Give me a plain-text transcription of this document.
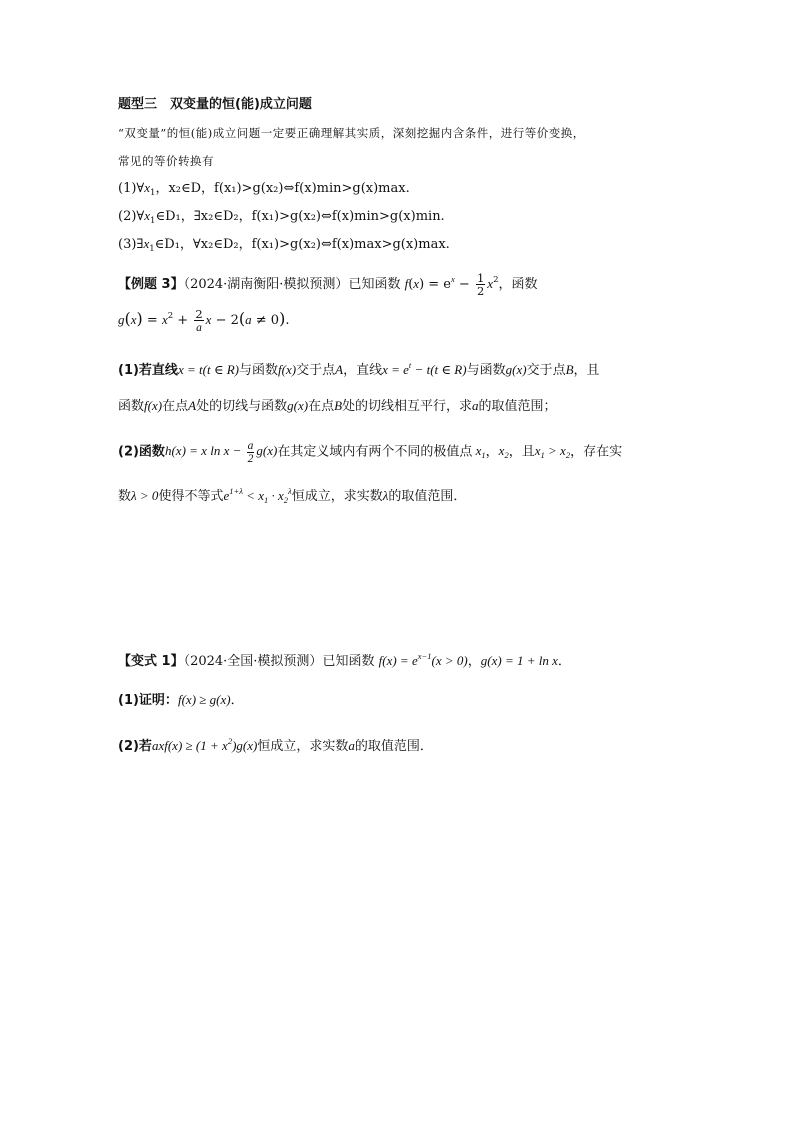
题型三　双变量的恒(能)成立问题
“双变量”的恒(能)成立问题一定要正确理解其实质，深刻挖掘内含条件，进行等价变换，
常见的等价转换有
$(1)\forall x_1$，x₂∈D，f(x₁)>g(x₂)⇔f(x)min>g(x)max.
$(2)\forall x_1\in D_1$，∃x₂∈D₂，f(x₁)>g(x₂)⇔f(x)min>g(x)min.
$(3)\exists x_1\in D_1$，∀x₂∈D₂，f(x₁)>g(x₂)⇔f(x)max>g(x)max.
【例题 3】（2024·湖南衡阳·模拟预测）已知函数 $f(x) = e^x - \frac{1}{2} x^2$，函数
$g(x) = x^2 + \frac{2}{a}$ x − 2(a ≠ 0).
(1)若直线x = t(t ∈ R)与函数f(x)交于点A，直线$x = e^t - t(t$ ∈ R)与函数g(x)交于点B，且
函数f(x)在点A处的切线与函数g(x)在点B处的切线相互平行，求a的取值范围；
(2)函数h(x) = x $\ln x - \frac{a}{2} g(x)$在其定义域内有两个不同的极值点 $x_1$，$x_2$，且$x_1 > x_2$，存在实
数λ > 0使得不等式$e^{1+\lambda} < x_1 \cdot x_2^\lambda$恒成立，求实数λ的取值范围．
【变式 1】（2024·全国·模拟预测）已知函数 $f(x) = e^{x-1}(x > 0)$，g(x) = 1 + ln x．
(1)证明：f(x) ≥ g(x)．
(2)若$axf(x) \ge (1 + x^2)g(x)$恒成立，求实数a的取值范围．
